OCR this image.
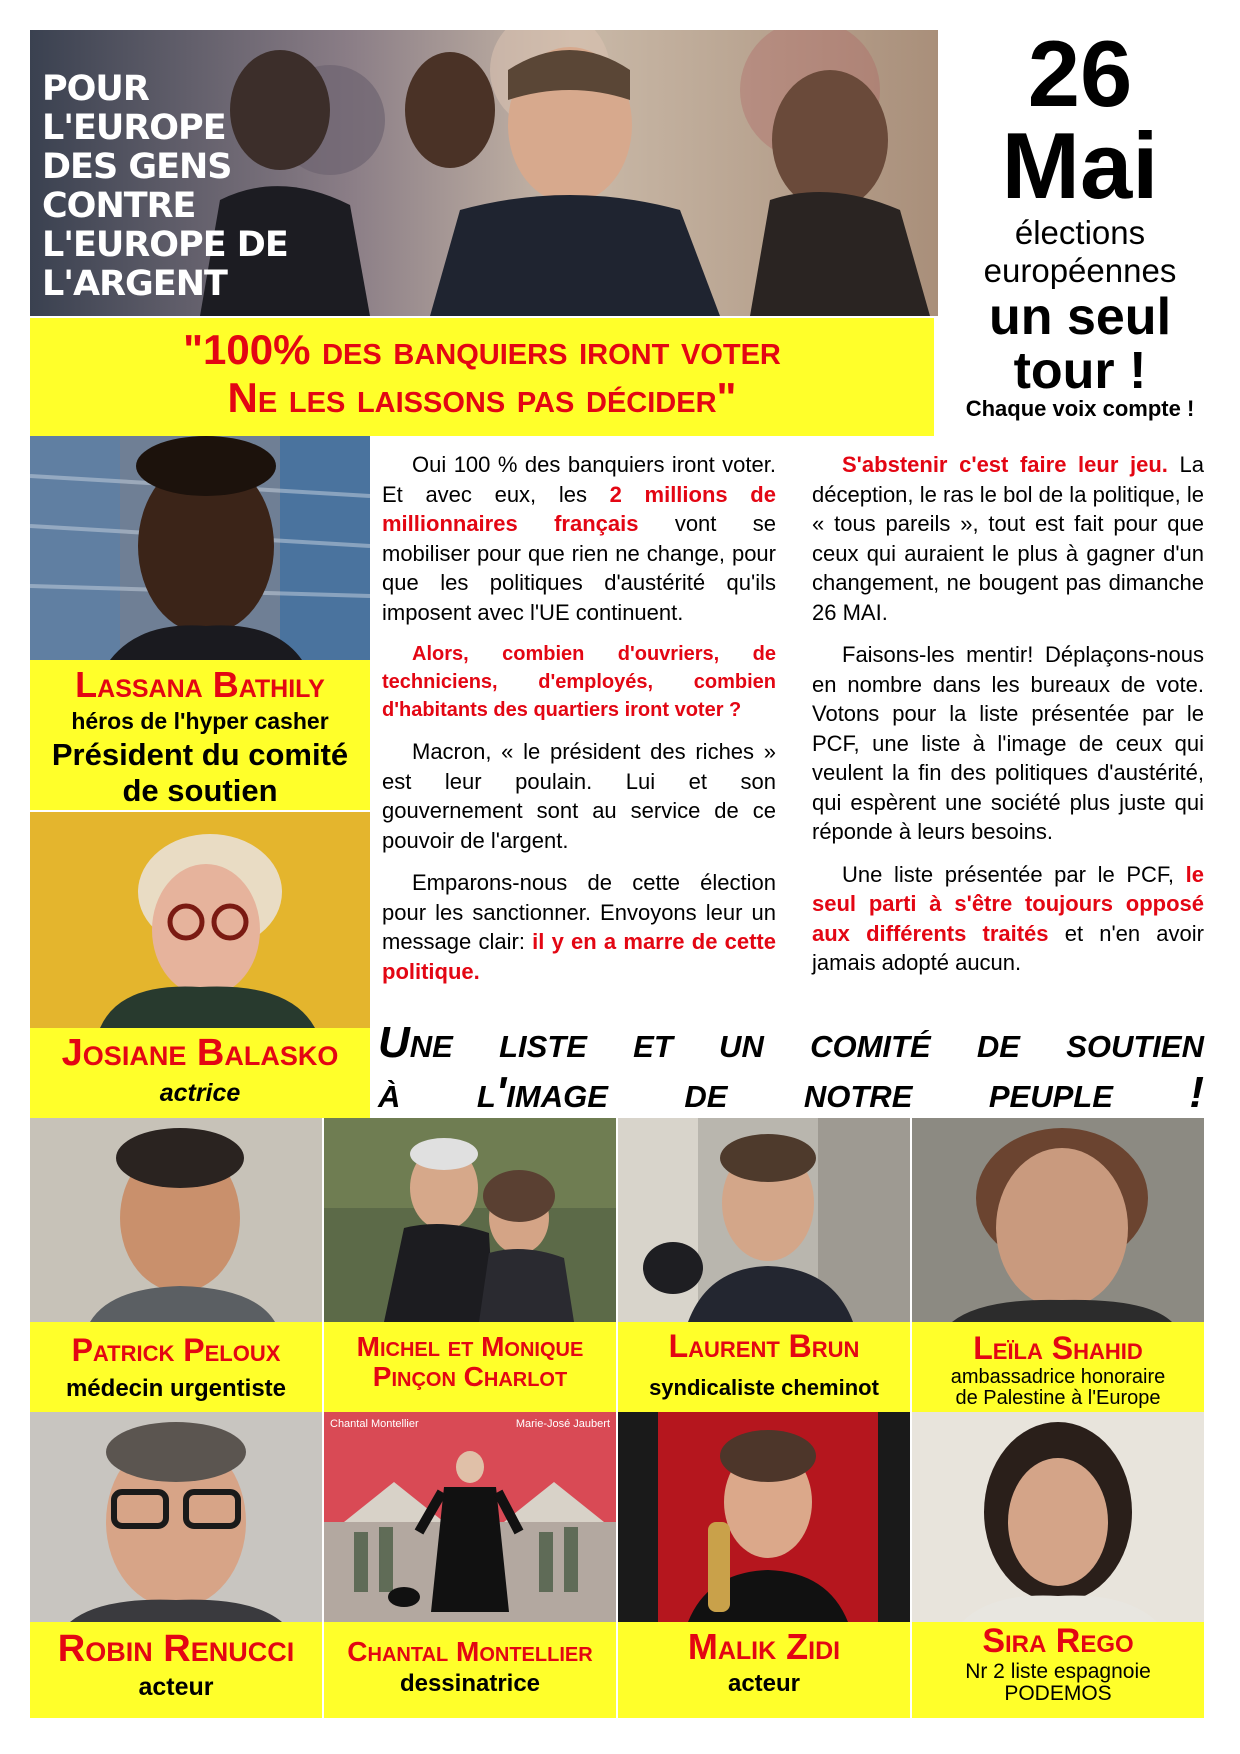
POUR
L'EUROPE
DES GENS
CONTRE
L'EUROPE DE
L'ARGENT
"100% des banquiers iront voter
Ne les laissons pas décider"
26
Mai
élections
européennes
un seul
tour !
Chaque voix compte !
Lassana Bathily
héros de l'hyper casher
Président du comité
de soutien
Josiane Balasko
actrice

Oui 100 % des banquiers iront voter. Et avec eux, les 2 millions de millionnaires français vont se mobiliser pour que rien ne change, pour que les politiques d'austérité qu'ils imposent avec l'UE continuent.

Alors, combien d'ouvriers, de techniciens, d'employés, combien d'habitants des quartiers iront voter ?

Macron, « le président des riches » est leur poulain. Lui et son gouvernement sont au service de ce pouvoir de l'argent.

Emparons-nous de cette élection pour les sanctionner. Envoyons leur un message clair: il y en a marre de cette politique.

S'abstenir c'est faire leur jeu. La déception, le ras le bol de la politique, le « tous pareils », tout est fait pour que ceux qui auraient le plus à gagner d'un changement, ne bougent pas dimanche 26 MAI.

Faisons-les mentir! Déplaçons-nous en nombre dans les bureaux de vote. Votons pour la liste présentée par le PCF, une liste à l'image de ceux qui veulent la fin des politiques d'austérité, qui espèrent une société plus juste qui réponde à leurs besoins.

Une liste présentée par le PCF, le seul parti à s'être toujours opposé aux différents traités et n'en avoir jamais adopté aucun.

Une liste et un comité de soutien
à l'image de notre peuple !
Patrick Peloux
médecin urgentiste
Michel et Monique
Pinçon Charlot
Laurent Brun
syndicaliste cheminot
Leïla Shahid
ambassadrice honoraire
de Palestine à l'Europe
Chantal Montellier	Marie-José Jaubert
Robin Renucci
acteur
Chantal Montellier
dessinatrice
Malik Zidi
acteur
Sira Rego
Nr 2 liste espagnoie
PODEMOS
